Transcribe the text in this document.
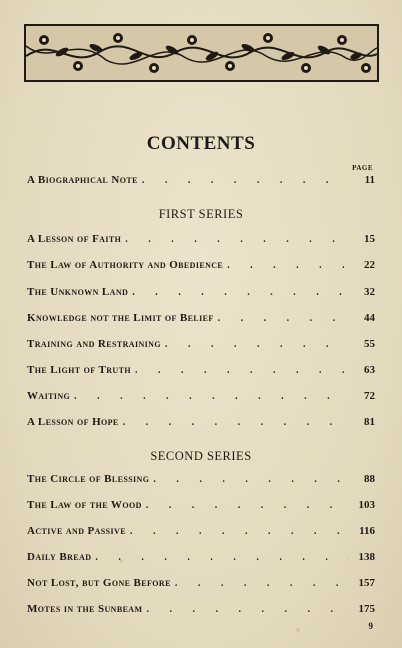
CONTENTS
PAGE
A Biographical Note . . .	11
FIRST SERIES
A Lesson of Faith . . .	15
The Law of Authority and Obedience . . .	22
The Unknown Land . . .	32
Knowledge not the Limit of Belief . . .	44
Training and Restraining . . .	55
The Light of Truth . . .	63
Waiting . . .	72
A Lesson of Hope . . .	81
SECOND SERIES
The Circle of Blessing . . .	88
The Law of the Wood . . .	103
Active and Passive . . .	116
Daily Bread . . .	138
Not Lost, but Gone Before . . .	157
Motes in the Sunbeam . . .	175
9
